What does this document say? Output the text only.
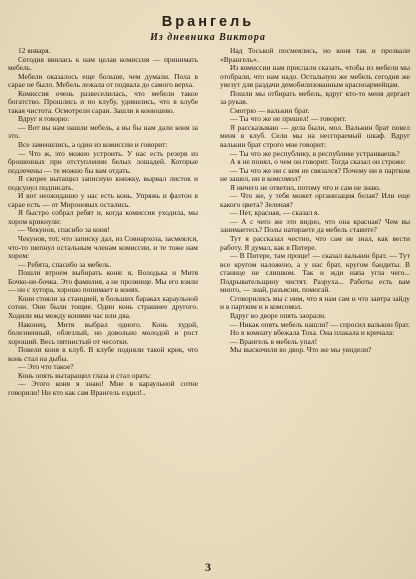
Врангель
Из дневника Виктора

12 января.

Сегодня явилась к нам целая комиссия — принимать мебель.

Мебели оказалось еще больше, чем думали. Пола в сарае не было. Мебель лежала от подвала до самого верха.

Комиссия очень развеселилась, что мебели такое богатство. Прошлись и по клубу, удивились, что в клубе такая чистота. Осмотрели сараи. Зашли в конюшню.

Вдруг я говорю:

— Вот вы нам нашли мебель, а вы бы нам дали коня за это.

Все заменились, а один из комиссии и говорит:

— Что ж, это можно устроить. У нас есть резерв из брошенных при отступлении белых лошадей. Которые подлечены — те можно бы вам отдать.

Я скорее вытащил записную книжку, вырвал листок и подсунул подписать.

И вот неожиданно у нас есть конь. Упряжь и фаэтон в сарае есть — от Мироновых остались.

Я быстро собрал ребят и, когда комиссия уходила, мы хором крикнули:

— Чекунов, спасибо за коня!

Чекунов, тот, что записку дал, из Совнархоза, засмеялся, что-то шепнул остальным членам комиссии, и те тоже нам хором:

— Ребята, спасибо за мебель.

Пошли втроем выбирать коня: я, Володька и Митя Бочко-не-бочка. Это фамилия, а не прозвище. Мы его взяли — он с хутора, хорошо понимает в конях.

Кони стояли за станцией, в больших бараках караульной сотни. Они были тощие. Один конь страшнее другого. Ходили мы между конями час или два.

Наконец, Митя выбрал одного. Конь худой, болезненный, облезлый, но довольно молодой и рост хороший. Весь пятнистый от чесотки.

Повели коня в клуб. В клубе подняли такой крик, что конь стал на дыбы.

— Это что такое?

Конь опять вытаращил глаза и стал орать:

— Этого коня я знаю! Мне в караульной сотне говорили! Ни кто как сам Врангель ездил!..

Над Тоськой посмеялись, но коня так и прозвали «Врангель».

Из комиссии нам прислали сказать, чтобы из мебели мы отобрали, что нам надо. Остальную же мебель сегодня же увезут для раздачи демобилизованным красноармейцам.

Пошли мы отбирать мебель, вдруг кто-то меня дергает за рукав.

Смотрю — валькин брат.

— Ты что же не пришел! — говорит.

Я рассказываю — дела были, мол. Валькин брат повел меня в клуб. Сели мы на несгораемый шкаф. Вдруг валькин брат строго мне говорит:

— Ты что же республику, в республике устраиваешь?

А я не понял, о чем он говорит. Тогда сказал он строже:

— Ты что же ни с кем не связался? Почему ни в партком не зашел, ни в комсомол?

Я ничего не ответил, потому что и сам не знаю.

— Что же, у тебя может организация белая? Или еще какого цвета? Зеленая?

— Нет, красная, — сказал я.

— А с чего же это видно, что она красная? Чем вы занимаетесь? Полы натираете да мебель ставите?

Тут я рассказал честно, что сам не знал, как вести работу. Я думал, как в Питере.

— В Питере, там проще! — сказал валькин брат. — Тут все кругом наложено, а у нас брат, кругом бандиты. В станице не слишком. Так и жди напа угла чего... Подрывательщину чистят. Разруха... Работы есть вам много, — знай, разъясни, помогай.

Сговорились мы с ним, что я нам сам и что завтра зайду и в партком и в комсомол.

Вдруг во дворе опять заорали.

— Никак опять мебель нашли? — спросил валькин брат.

Но в комнату вбежала Тоха. Она плакала и кричала:

— Врангель в мебель упал!

Мы выскочили во двор. Что же мы увидели?

3
